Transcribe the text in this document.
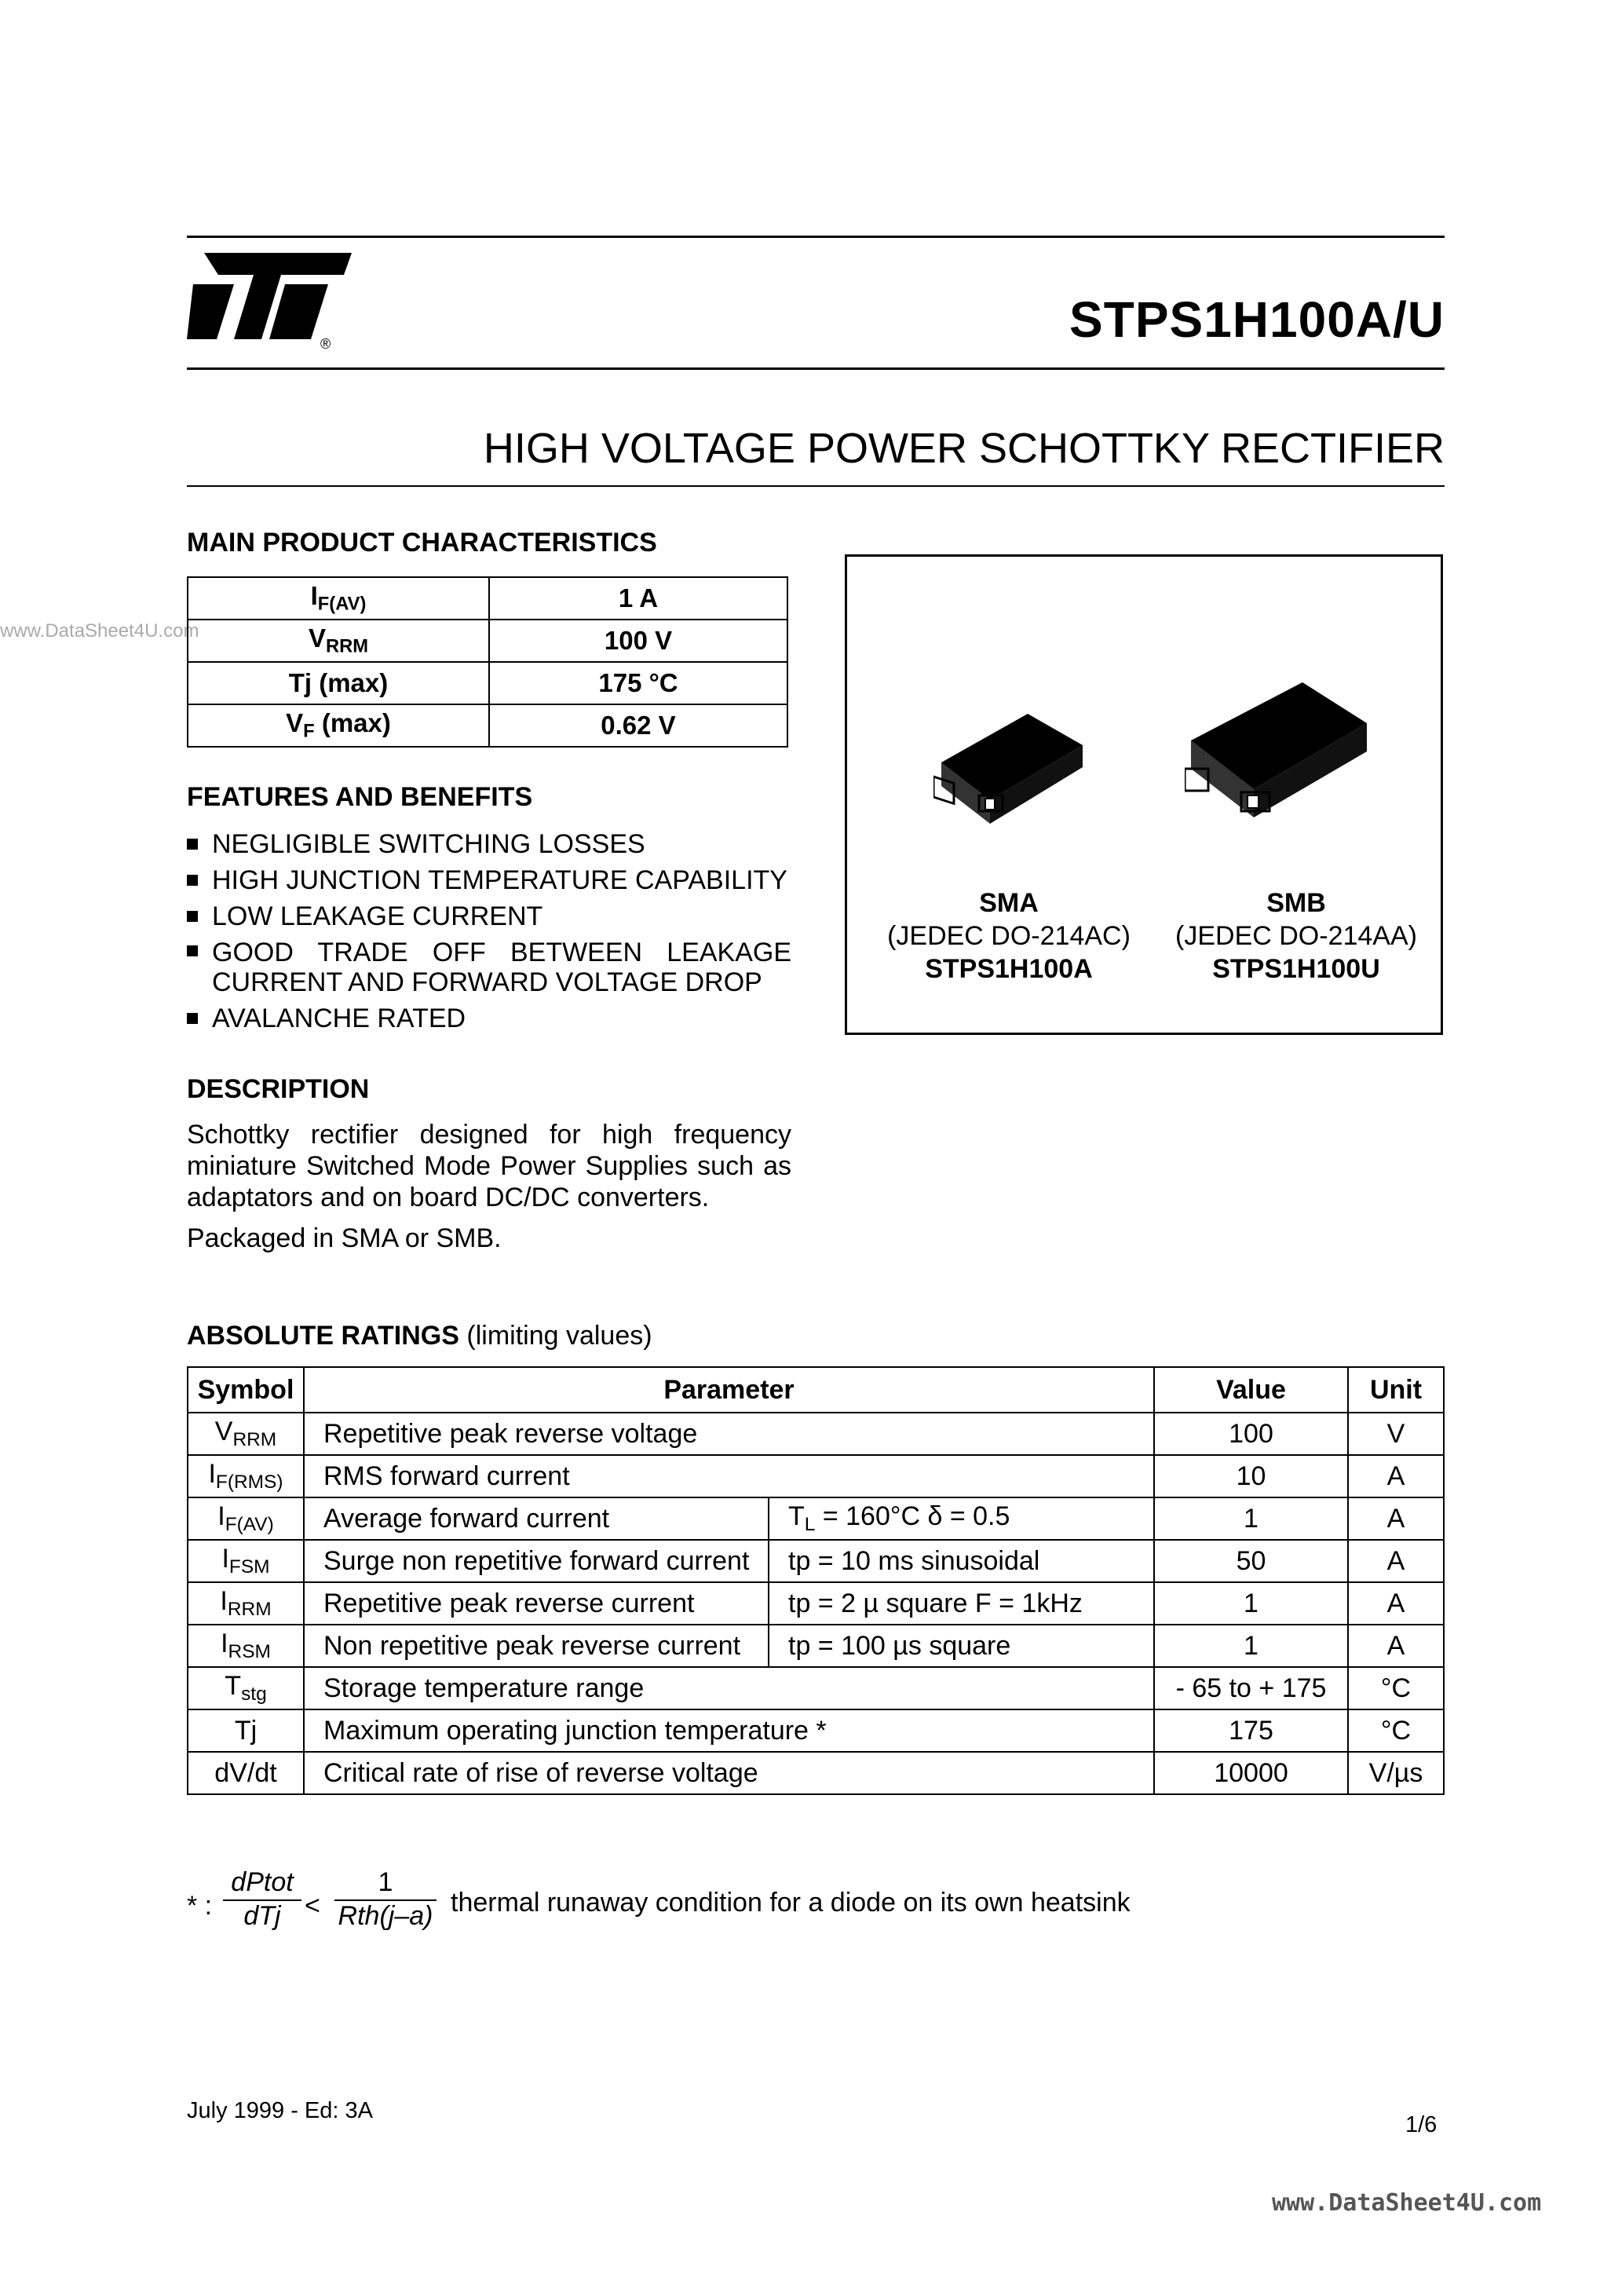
®	STPS1H100A/U
HIGH VOLTAGE POWER SCHOTTKY RECTIFIER
www.DataSheet4U.com
MAIN PRODUCT CHARACTERISTICS
$I_{F(AV)}$	1 A
$V_{RRM}$	100 V
Tj (max)	175 °C
$V_F$ (max)	0.62 V
FEATURES AND BENEFITS
NEGLIGIBLE SWITCHING LOSSES
HIGH JUNCTION TEMPERATURE CAPABILITY
LOW LEAKAGE CURRENT
GOOD TRADE OFF BETWEEN LEAKAGE
CURRENT AND FORWARD VOLTAGE DROP
AVALANCHE RATED
DESCRIPTION

Schottky rectifier designed for high frequency

miniature Switched Mode Power Supplies such as

adaptators and on board DC/DC converters.

Packaged in SMA or SMB.

SMA
(JEDEC DO-214AC)
STPS1H100A
SMB
(JEDEC DO-214AA)
STPS1H100U
ABSOLUTE RATINGS (limiting values)
Symbol	Parameter		Value	Unit
$V_{RRM}$	Repetitive peak reverse voltage		100	V
$I_{F(RMS)}$	RMS forward current		10	A
$I_{F(AV)}$	Average forward current	$T_L = 160^\circ C$ δ = 0.5	1	A
$I_{FSM}$	Surge non repetitive forward current	tp = 10 ms sinusoidal	50	A
$I_{RRM}$	Repetitive peak reverse current	tp = 2 µ square F = 1kHz	1	A
$I_{RSM}$	Non repetitive peak reverse current	tp = 100 µs square	1	A
$T_{stg}$	Storage temperature range		- 65 to + 175	°C
Tj	Maximum operating junction temperature *		175	°C
dV/dt	Critical rate of rise of reverse voltage		10000	V/µs
* :
dPtot
dTj <
1
Rth(j–a) thermal runaway condition for a diode on its own heatsink
July 1999 - Ed: 3A
1/6
www.DataSheet4U.com
